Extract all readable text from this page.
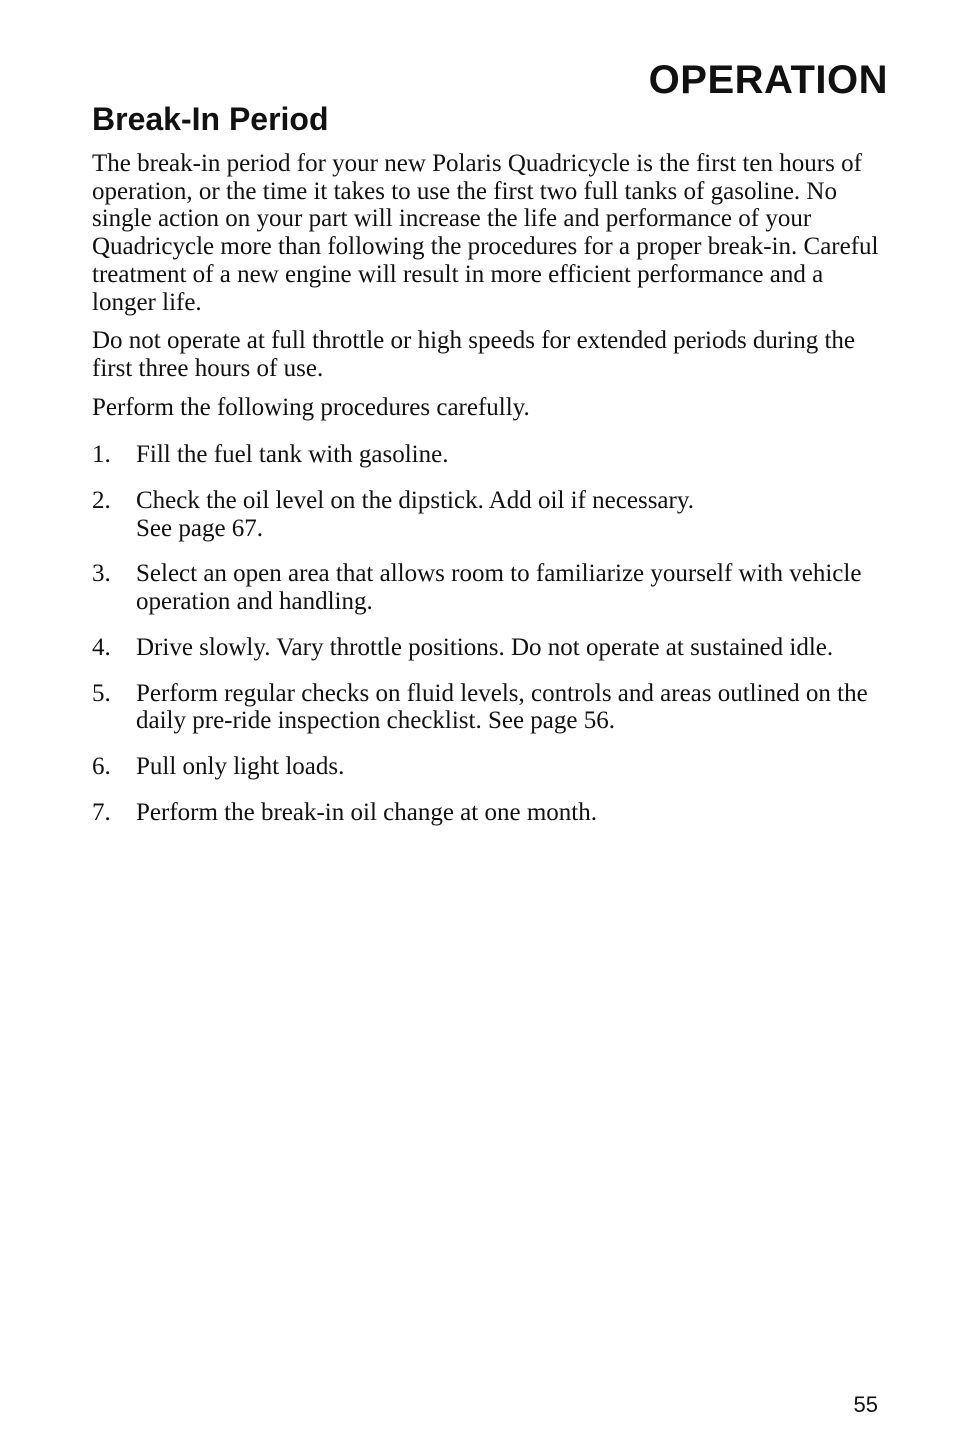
OPERATION
Break-In Period

The break-in period for your new Polaris Quadricycle is the first ten hours of operation, or the time it takes to use the first two full tanks of gasoline. No single action on your part will increase the life and performance of your Quadricycle more than following the procedures for a proper break-in. Careful treatment of a new engine will result in more efficient performance and a longer life.

Do not operate at full throttle or high speeds for extended periods during the first three hours of use.

Perform the following procedures carefully.

1. Fill the fuel tank with gasoline.
2. Check the oil level on the dipstick. Add oil if necessary.
See page 67.
3. Select an open area that allows room to familiarize yourself with vehicle operation and handling.
4. Drive slowly. Vary throttle positions. Do not operate at sustained idle.
5. Perform regular checks on fluid levels, controls and areas outlined on the daily pre-ride inspection checklist. See page 56.
6. Pull only light loads.
7. Perform the break-in oil change at one month.
55
